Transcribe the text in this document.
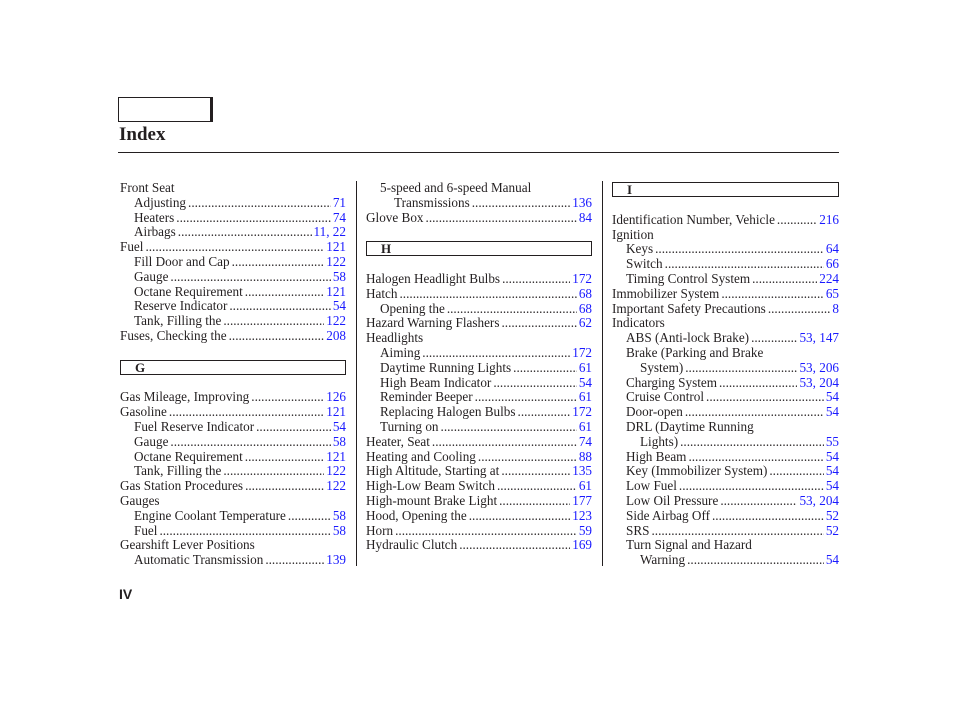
Index
Front Seat
Adjusting .....	71
Heaters .....	74
Airbags .....	11, 22
Fuel .....	121
Fill Door and Cap .....	122
Gauge .....	58
Octane Requirement .....	121
Reserve Indicator .....	54
Tank, Filling the .....	122
Fuses, Checking the .....	208
G
Gas Mileage, Improving .....	126
Gasoline .....	121
Fuel Reserve Indicator .....	54
Gauge .....	58
Octane Requirement .....	121
Tank, Filling the .....	122
Gas Station Procedures .....	122
Gauges
Engine Coolant Temperature .....	58
Fuel .....	58
Gearshift Lever Positions
Automatic Transmission .....	139
5-speed and 6-speed Manual
Transmissions .....	136
Glove Box .....	84
H
Halogen Headlight Bulbs .....	172
Hatch .....	68
Opening the .....	68
Hazard Warning Flashers .....	62
Headlights
Aiming .....	172
Daytime Running Lights .....	61
High Beam Indicator .....	54
Reminder Beeper .....	61
Replacing Halogen Bulbs .....	172
Turning on .....	61
Heater, Seat .....	74
Heating and Cooling .....	88
High Altitude, Starting at .....	135
High-Low Beam Switch .....	61
High-mount Brake Light .....	177
Hood, Opening the .....	123
Horn .....	59
Hydraulic Clutch .....	169
I
Identification Number, Vehicle .....	216
Ignition
Keys .....	64
Switch .....	66
Timing Control System .....	224
Immobilizer System .....	65
Important Safety Precautions .....	8
Indicators
ABS (Anti-lock Brake) .....	53, 147
Brake (Parking and Brake
System) .....	53, 206
Charging System .....	53, 204
Cruise Control .....	54
Door-open .....	54
DRL (Daytime Running
Lights) .....	55
High Beam .....	54
Key (Immobilizer System) .....	54
Low Fuel .....	54
Low Oil Pressure .....	53, 204
Side Airbag Off .....	52
SRS .....	52
Turn Signal and Hazard
Warning .....	54
IV
